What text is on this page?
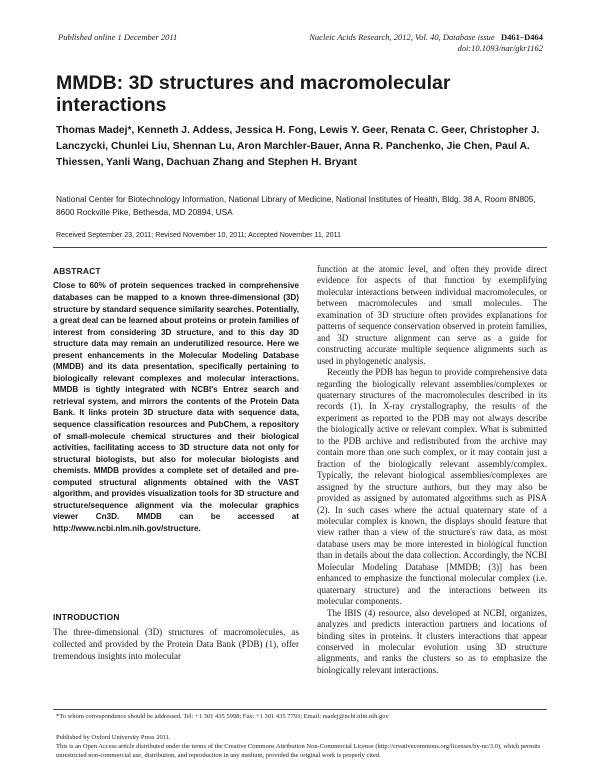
Published online 1 December 2011	Nucleic Acids Research, 2012, Vol. 40, Database issue D461–D464
doi:10.1093/nar/gkr1162
MMDB: 3D structures and macromolecular interactions
Thomas Madej*, Kenneth J. Addess, Jessica H. Fong, Lewis Y. Geer, Renata C. Geer, Christopher J. Lanczycki, Chunlei Liu, Shennan Lu, Aron Marchler-Bauer, Anna R. Panchenko, Jie Chen, Paul A. Thiessen, Yanli Wang, Dachuan Zhang and Stephen H. Bryant
National Center for Biotechnology Information, National Library of Medicine, National Institutes of Health, Bldg. 38 A, Room 8N805, 8600 Rockville Pike, Bethesda, MD 20894, USA
Received September 23, 2011; Revised November 10, 2011; Accepted November 11, 2011
ABSTRACT

Close to 60% of protein sequences tracked in comprehensive databases can be mapped to a known three-dimensional (3D) structure by standard sequence similarity searches. Potentially, a great deal can be learned about proteins or protein families of interest from considering 3D structure, and to this day 3D structure data may remain an underutilized resource. Here we present enhancements in the Molecular Modeling Database (MMDB) and its data presentation, specifically pertaining to biologically relevant complexes and molecular interactions. MMDB is tightly integrated with NCBI's Entrez search and retrieval system, and mirrors the contents of the Protein Data Bank. It links protein 3D structure data with sequence data, sequence classification resources and PubChem, a repository of small-molecule chemical structures and their biological activities, facilitating access to 3D structure data not only for structural biologists, but also for molecular biologists and chemists. MMDB provides a complete set of detailed and pre-computed structural alignments obtained with the VAST algorithm, and provides visualization tools for 3D structure and structure/sequence alignment via the molecular graphics viewer Cn3D. MMDB can be accessed at http://www.ncbi.nlm.nih.gov/structure.

INTRODUCTION

The three-dimensional (3D) structures of macromolecules, as collected and provided by the Protein Data Bank (PDB) (1), offer tremendous insights into molecular

function at the atomic level, and often they provide direct evidence for aspects of that function by exemplifying molecular interactions between individual macromolecules, or between macromolecules and small molecules. The examination of 3D structure often provides explanations for patterns of sequence conservation observed in protein families, and 3D structure alignment can serve as a guide for constructing accurate multiple sequence alignments such as used in phylogenetic analysis.

Recently the PDB has begun to provide comprehensive data regarding the biologically relevant assemblies/complexes or quaternary structures of the macromolecules described in its records (1). In X-ray crystallography, the results of the experiment as reported to the PDB may not always describe the biologically active or relevant complex. What is submitted to the PDB archive and redistributed from the archive may contain more than one such complex, or it may contain just a fraction of the biologically relevant assembly/complex. Typically, the relevant biological assemblies/complexes are assigned by the structure authors, but they may also be provided as assigned by automated algorithms such as PISA (2). In such cases where the actual quaternary state of a molecular complex is known, the displays should feature that view rather than a view of the structure's raw data, as most database users may be more interested in biological function than in details about the data collection. Accordingly, the NCBI Molecular Modeling Database [MMDB; (3)] has been enhanced to emphasize the functional molecular complex (i.e. quaternary structure) and the interactions between its molecular components.

The IBIS (4) resource, also developed at NCBI, organizes, analyzes and predicts interaction partners and locations of binding sites in proteins. It clusters interactions that appear conserved in molecular evolution using 3D structure alignments, and ranks the clusters so as to emphasize the biologically relevant interactions.

*To whom correspondence should be addressed. Tel: +1 301 435 5998; Fax: +1 301 435 7793; Email: madej@ncbi.nlm.nih.gov
Published by Oxford University Press 2011.
This is an Open Access article distributed under the terms of the Creative Commons Attribution Non-Commercial License (http://creativecommons.org/licenses/by-nc/3.0), which permits unrestricted non-commercial use, distribution, and reproduction in any medium, provided the original work is properly cited.
